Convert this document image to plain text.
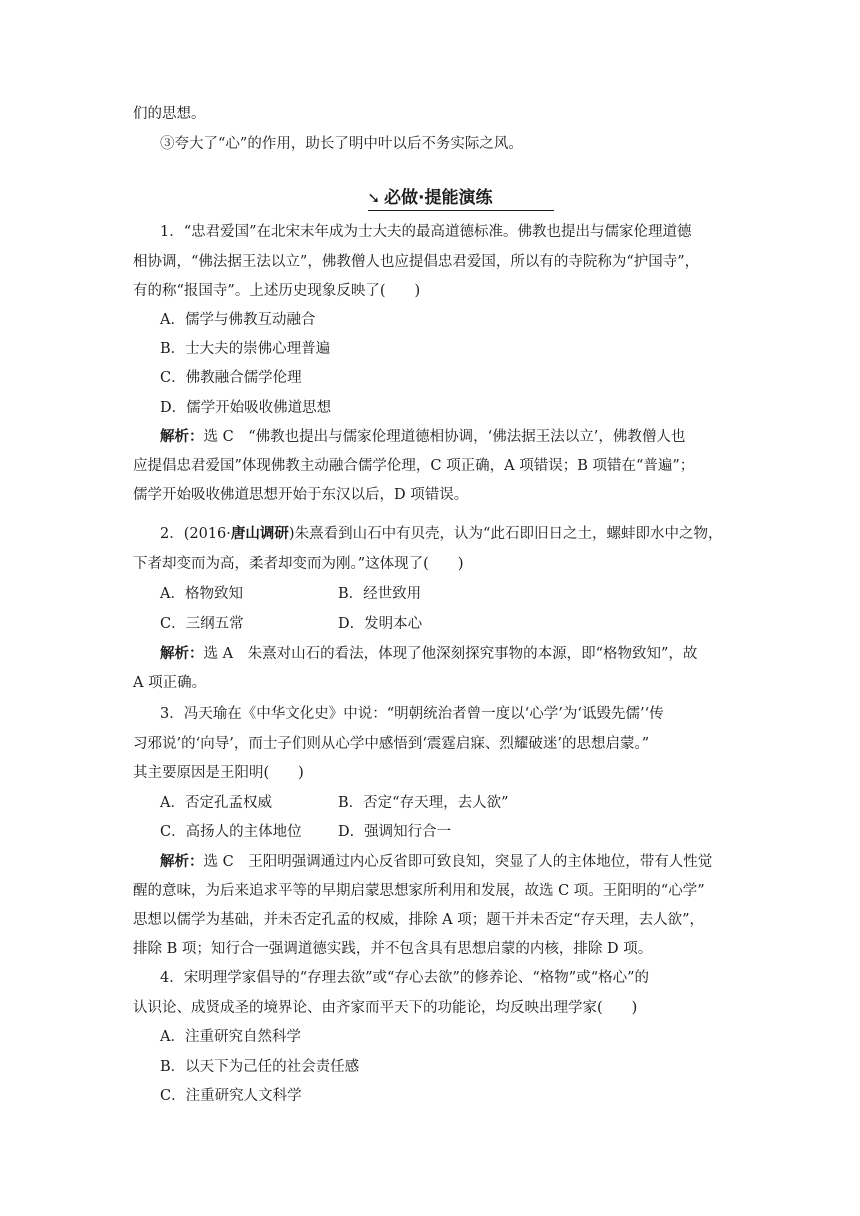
们的思想。
③夸大了“心”的作用，助长了明中叶以后不务实际之风。
➘ 必做·提能演练
1．“忠君爱国”在北宋末年成为士大夫的最高道德标准。佛教也提出与儒家伦理道德
相协调，“佛法据王法以立”，佛教僧人也应提倡忠君爱国，所以有的寺院称为“护国寺”，
有的称“报国寺”。上述历史现象反映了(　　)
A．儒学与佛教互动融合
B．士大夫的崇佛心理普遍
C．佛教融合儒学伦理
D．儒学开始吸收佛道思想
解析：选 C　“佛教也提出与儒家伦理道德相协调，‘佛法据王法以立’，佛教僧人也
应提倡忠君爱国”体现佛教主动融合儒学伦理，C 项正确，A 项错误；B 项错在“普遍”；
儒学开始吸收佛道思想开始于东汉以后，D 项错误。
2．(2016·唐山调研)朱熹看到山石中有贝壳，认为“此石即旧日之土，螺蚌即水中之物，
下者却变而为高，柔者却变而为刚。”这体现了(　　)
A．格物致知	B．经世致用
C．三纲五常	D．发明本心
解析：选 A　朱熹对山石的看法，体现了他深刻探究事物的本源，即“格物致知”，故
A 项正确。
3．冯天瑜在《中华文化史》中说：“明朝统治者曾一度以‘心学’为‘诋毁先儒’‘传
习邪说’的‘向导’，而士子们则从心学中感悟到‘震霆启寐、烈耀破迷’的思想启蒙。”
其主要原因是王阳明(　　)
A．否定孔孟权威	B．否定“存天理，去人欲”
C．高扬人的主体地位	D．强调知行合一
解析：选 C　王阳明强调通过内心反省即可致良知，突显了人的主体地位，带有人性觉
醒的意味，为后来追求平等的早期启蒙思想家所利用和发展，故选 C 项。王阳明的“心学”
思想以儒学为基础，并未否定孔孟的权威，排除 A 项；题干并未否定“存天理，去人欲”，
排除 B 项；知行合一强调道德实践，并不包含具有思想启蒙的内核，排除 D 项。
4．宋明理学家倡导的“存理去欲”或“存心去欲”的修养论、“格物”或“格心”的
认识论、成贤成圣的境界论、由齐家而平天下的功能论，均反映出理学家(　　)
A．注重研究自然科学
B．以天下为己任的社会责任感
C．注重研究人文科学
